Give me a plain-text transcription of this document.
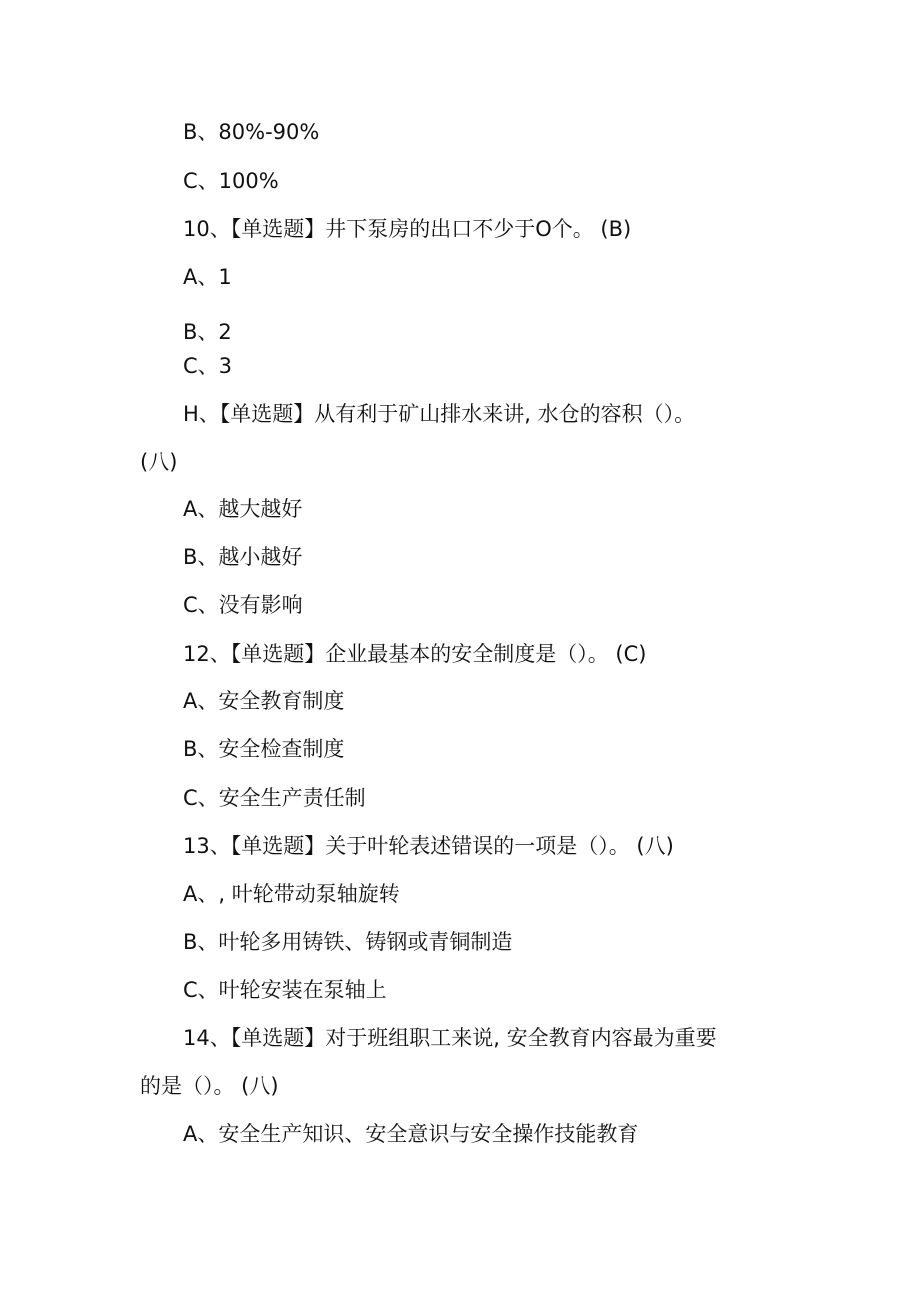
B、80%-90%

C、100%

10、【单选题】井下泵房的出口不少于O个。 (B)

A、1

B、2

C、3

H、【单选题】从有利于矿山排水来讲, 水仓的容积（）。

(八)

A、越大越好

B、越小越好

C、没有影响

12、【单选题】企业最基本的安全制度是（）。 (C)

A、安全教育制度

B、安全检查制度

C、安全生产责任制

13、【单选题】关于叶轮表述错误的一项是（）。 (八)

A、, 叶轮带动泵轴旋转

B、叶轮多用铸铁、铸钢或青铜制造

C、叶轮安装在泵轴上

14、【单选题】对于班组职工来说, 安全教育内容最为重要

的是（）。 (八)

A、安全生产知识、安全意识与安全操作技能教育
